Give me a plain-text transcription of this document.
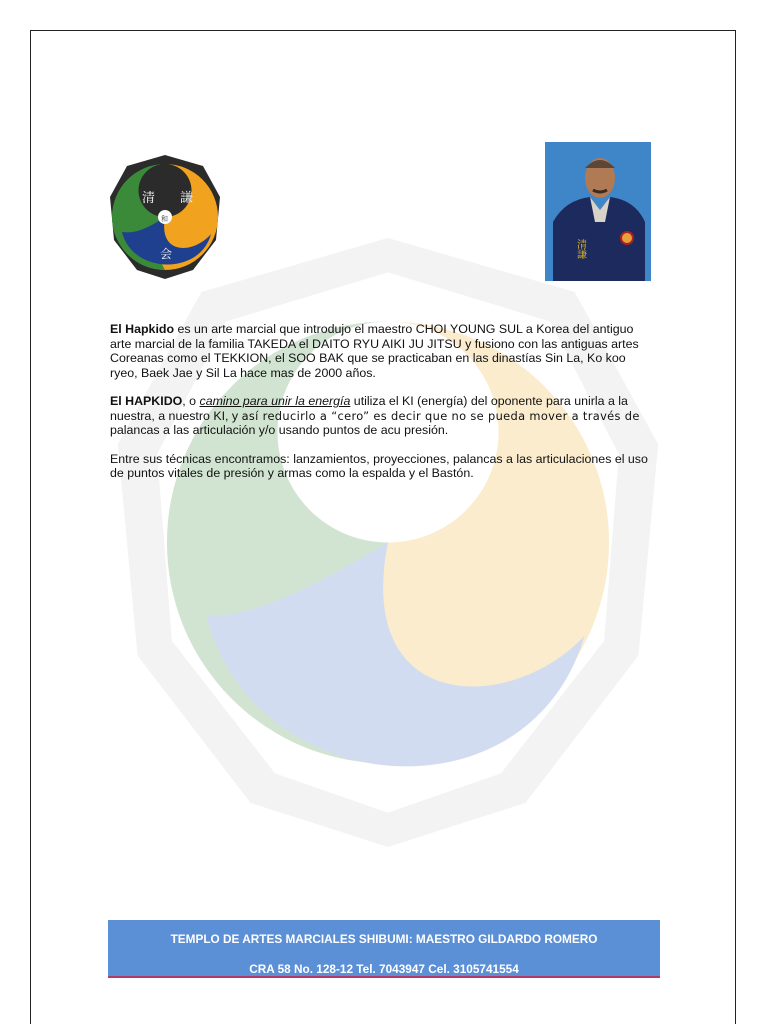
清 謙
和
会	清謙

El Hapkido es un arte marcial que introdujo el maestro CHOI YOUNG SUL a Korea del antiguo arte marcial de la familia TAKEDA el DAITO RYU AIKI JU JITSU y fusiono con las antiguas artes Coreanas como el TEKKION, el SOO BAK que se practicaban en las dinastías Sin La, Ko koo ryeo, Baek Jae y Sil La hace mas de 2000 años.

El HAPKIDO, o camino para unir la energía utiliza el KI (energía) del oponente para unirla a la nuestra, a nuestro KI, y así reducirlo a “cero” es decir que no se pueda mover a través de palancas a las articulación y/o usando puntos de acu presión.

Entre sus técnicas encontramos: lanzamientos, proyecciones, palancas a las articulaciones el uso de puntos vitales de presión y armas como la espalda y el Bastón.

TEMPLO DE ARTES MARCIALES SHIBUMI: MAESTRO GILDARDO ROMERO
CRA 58 No. 128-12 Tel. 7043947 Cel. 3105741554
